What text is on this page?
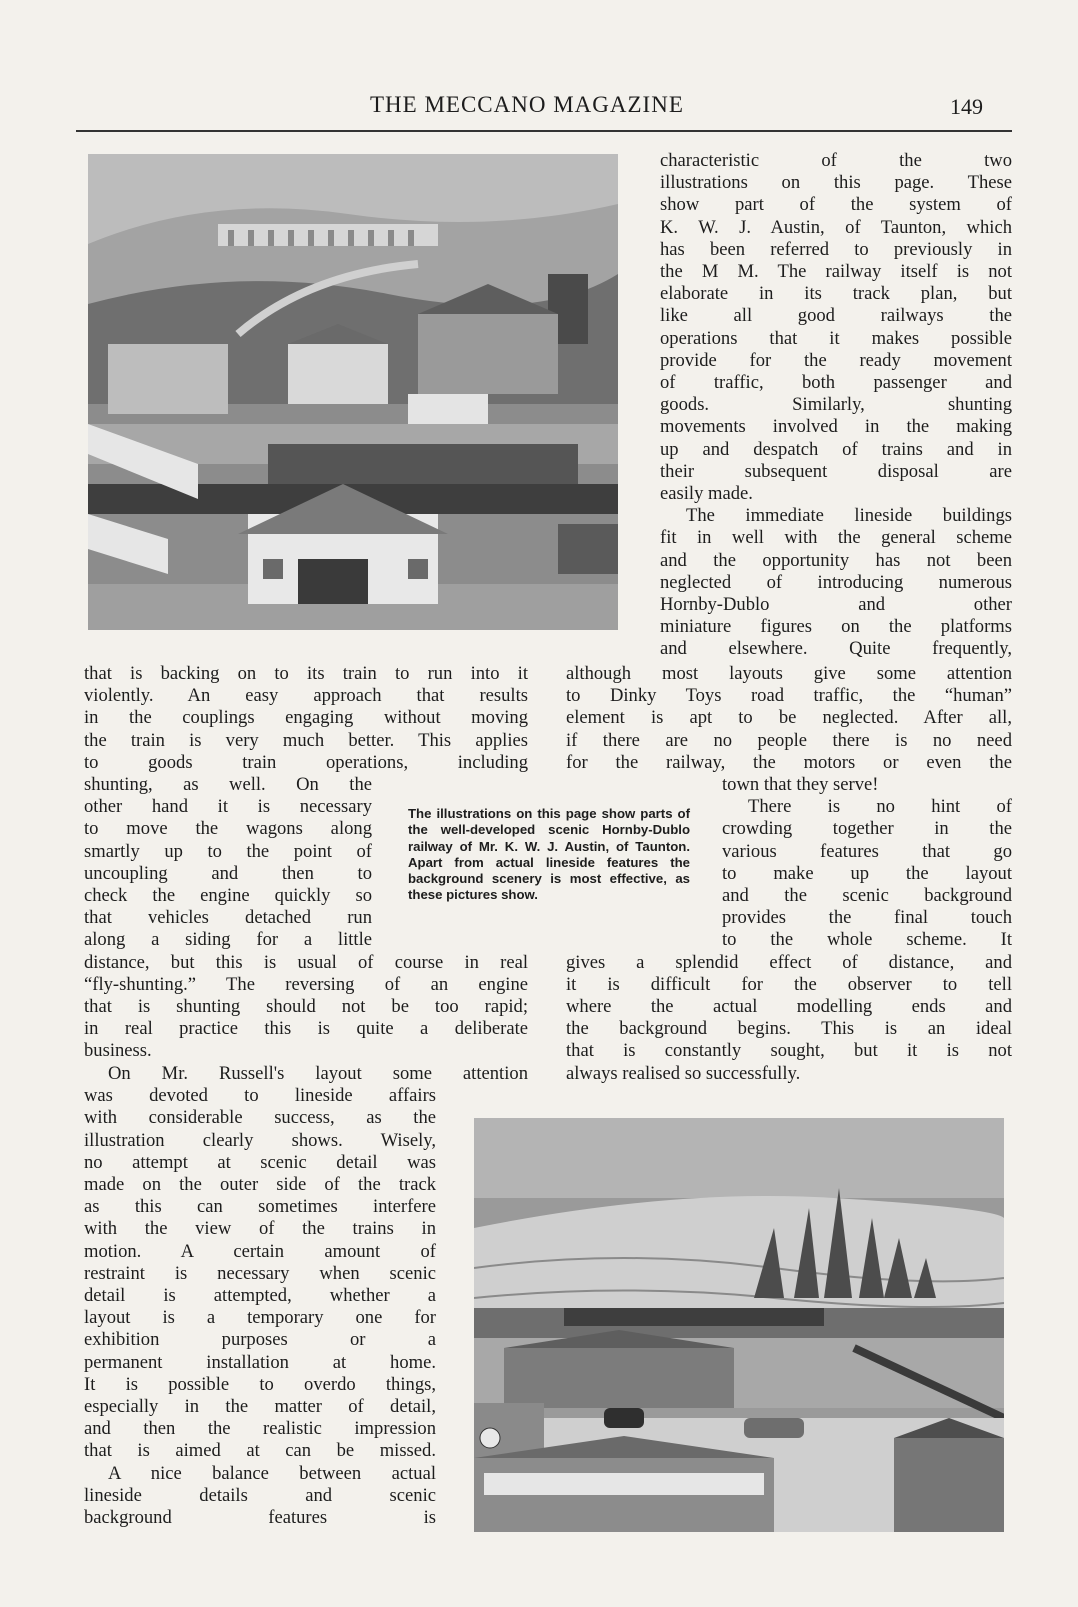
THE MECCANO MAGAZINE	149
characteristic of the two
illustrations on this page. These
show part of the system of
K. W. J. Austin, of Taunton, which
has been referred to previously in
the M M. The railway itself is not
elaborate in its track plan, but
like all good railways the
operations that it makes possible
provide for the ready movement
of traffic, both passenger and
goods. Similarly, shunting
movements involved in the making
up and despatch of trains and in
their subsequent disposal are
easily made.
The immediate lineside buildings
fit in well with the general scheme
and the opportunity has not been
neglected of introducing numerous
Hornby-Dublo and other
miniature figures on the platforms
and elsewhere. Quite frequently,
that is backing on to its train to run into it
violently. An easy approach that results
in the couplings engaging without moving
the train is very much better. This applies
to goods train operations, including
shunting, as well. On the
other hand it is necessary
to move the wagons along
smartly up to the point of
uncoupling and then to
check the engine quickly so
that vehicles detached run
along a siding for a little
distance, but this is usual of course in real
“fly-shunting.” The reversing of an engine
that is shunting should not be too rapid;
in real practice this is quite a deliberate
business.
The illustrations on this page show parts of the well-developed scenic Hornby-Dublo railway of Mr. K. W. J. Austin, of Taunton. Apart from actual lineside features the background scenery is most effective, as these pictures show.
although most layouts give some attention
to Dinky Toys road traffic, the “human”
element is apt to be neglected. After all,
if there are no people there is no need
for the railway, the motors or even the
town that they serve!
There is no hint of
crowding together in the
various features that go
to make up the layout
and the scenic background
provides the final touch
to the whole scheme. It
gives a splendid effect of distance, and
it is difficult for the observer to tell
where the actual modelling ends and
the background begins. This is an ideal
that is constantly sought, but it is not
always realised so successfully.
On Mr. Russell's layout some attention
was devoted to lineside affairs
with considerable success, as the
illustration clearly shows. Wisely,
no attempt at scenic detail was
made on the outer side of the track
as this can sometimes interfere
with the view of the trains in
motion. A certain amount of
restraint is necessary when scenic
detail is attempted, whether a
layout is a temporary one for
exhibition purposes or a
permanent installation at home.
It is possible to overdo things,
especially in the matter of detail,
and then the realistic impression
that is aimed at can be missed.
A nice balance between actual
lineside details and scenic
background features is
